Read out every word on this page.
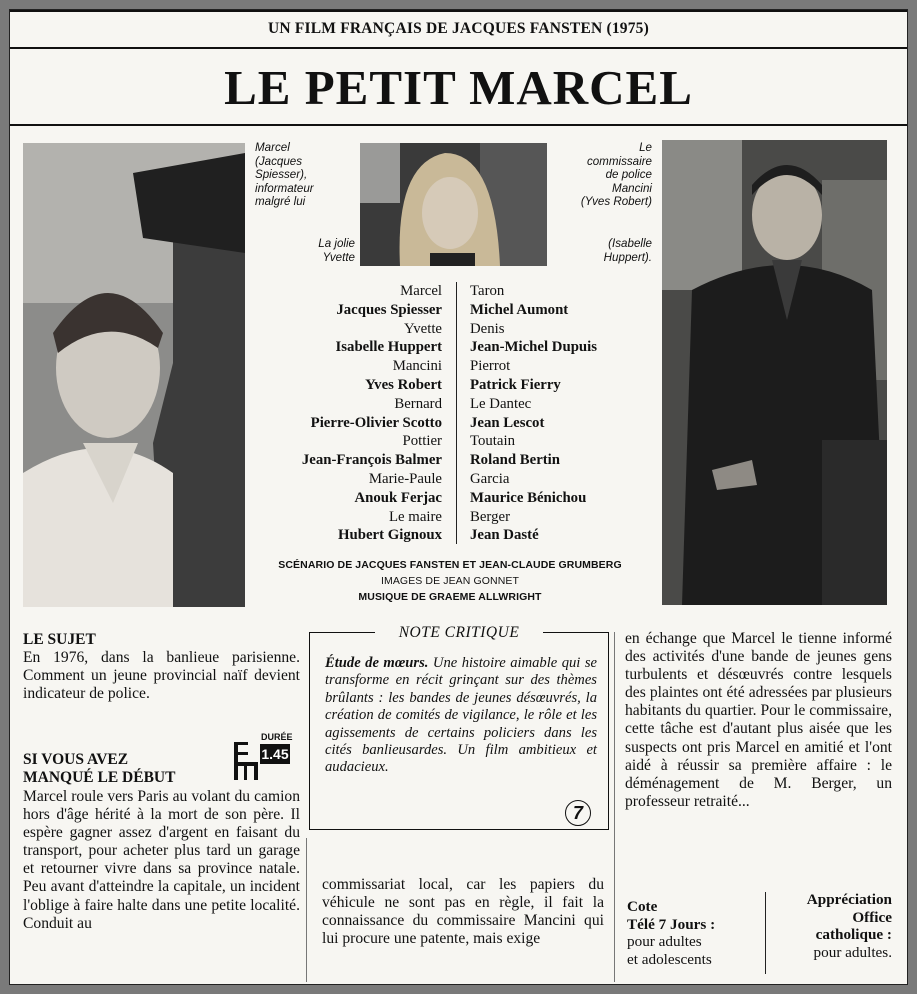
UN FILM FRANÇAIS DE JACQUES FANSTEN (1975)
LE PETIT MARCEL
Marcel
(Jacques
Spiesser),
informateur
malgré lui
La jolie
Yvette
Le
commissaire
de police
Mancini
(Yves Robert)
(Isabelle
Huppert).
Marcel
Jacques Spiesser
Yvette
Isabelle Huppert
Mancini
Yves Robert
Bernard
Pierre-Olivier Scotto
Pottier
Jean-François Balmer
Marie-Paule
Anouk Ferjac
Le maire
Hubert Gignoux
Taron
Michel Aumont
Denis
Jean-Michel Dupuis
Pierrot
Patrick Fierry
Le Dantec
Jean Lescot
Toutain
Roland Bertin
Garcia
Maurice Bénichou
Berger
Jean Dasté
SCÉNARIO DE JACQUES FANSTEN ET JEAN-CLAUDE GRUMBERG
IMAGES DE JEAN GONNET
MUSIQUE DE GRAEME ALLWRIGHT
LE SUJET

En 1976, dans la banlieue parisienne. Comment un jeune provincial naïf devient indicateur de police.

SI VOUS AVEZ
MANQUÉ LE DÉBUT
DURÉE
1.45
Marcel roule vers Paris au volant du camion hors d'âge hérité à la mort de son père. Il espère gagner assez d'argent en faisant du transport, pour acheter plus tard un garage et retourner vivre dans sa province natale. Peu avant d'atteindre la capitale, un incident l'oblige à faire halte dans une petite localité. Conduit au
NOTE CRITIQUE
Étude de mœurs. Une histoire aimable qui se transforme en récit grinçant sur des thèmes brûlants : les bandes de jeunes désœuvrés, la création de comités de vigilance, le rôle et les agissements de certains policiers dans les cités banlieusardes. Un film ambitieux et audacieux.
7
commissariat local, car les papiers du véhicule ne sont pas en règle, il fait la connaissance du commissaire Mancini qui lui procure une patente, mais exige
en échange que Marcel le tienne informé des activités d'une bande de jeunes gens turbulents et désœuvrés contre lesquels des plaintes ont été adressées par plusieurs habitants du quartier. Pour le commissaire, cette tâche est d'autant plus aisée que les suspects ont pris Marcel en amitié et l'ont aidé à réussir sa première affaire : le déménagement de M. Berger, un professeur retraité...
Cote
Télé 7 Jours :
pour adultes
et adolescents
Appréciation
Office
catholique :
pour adultes.
